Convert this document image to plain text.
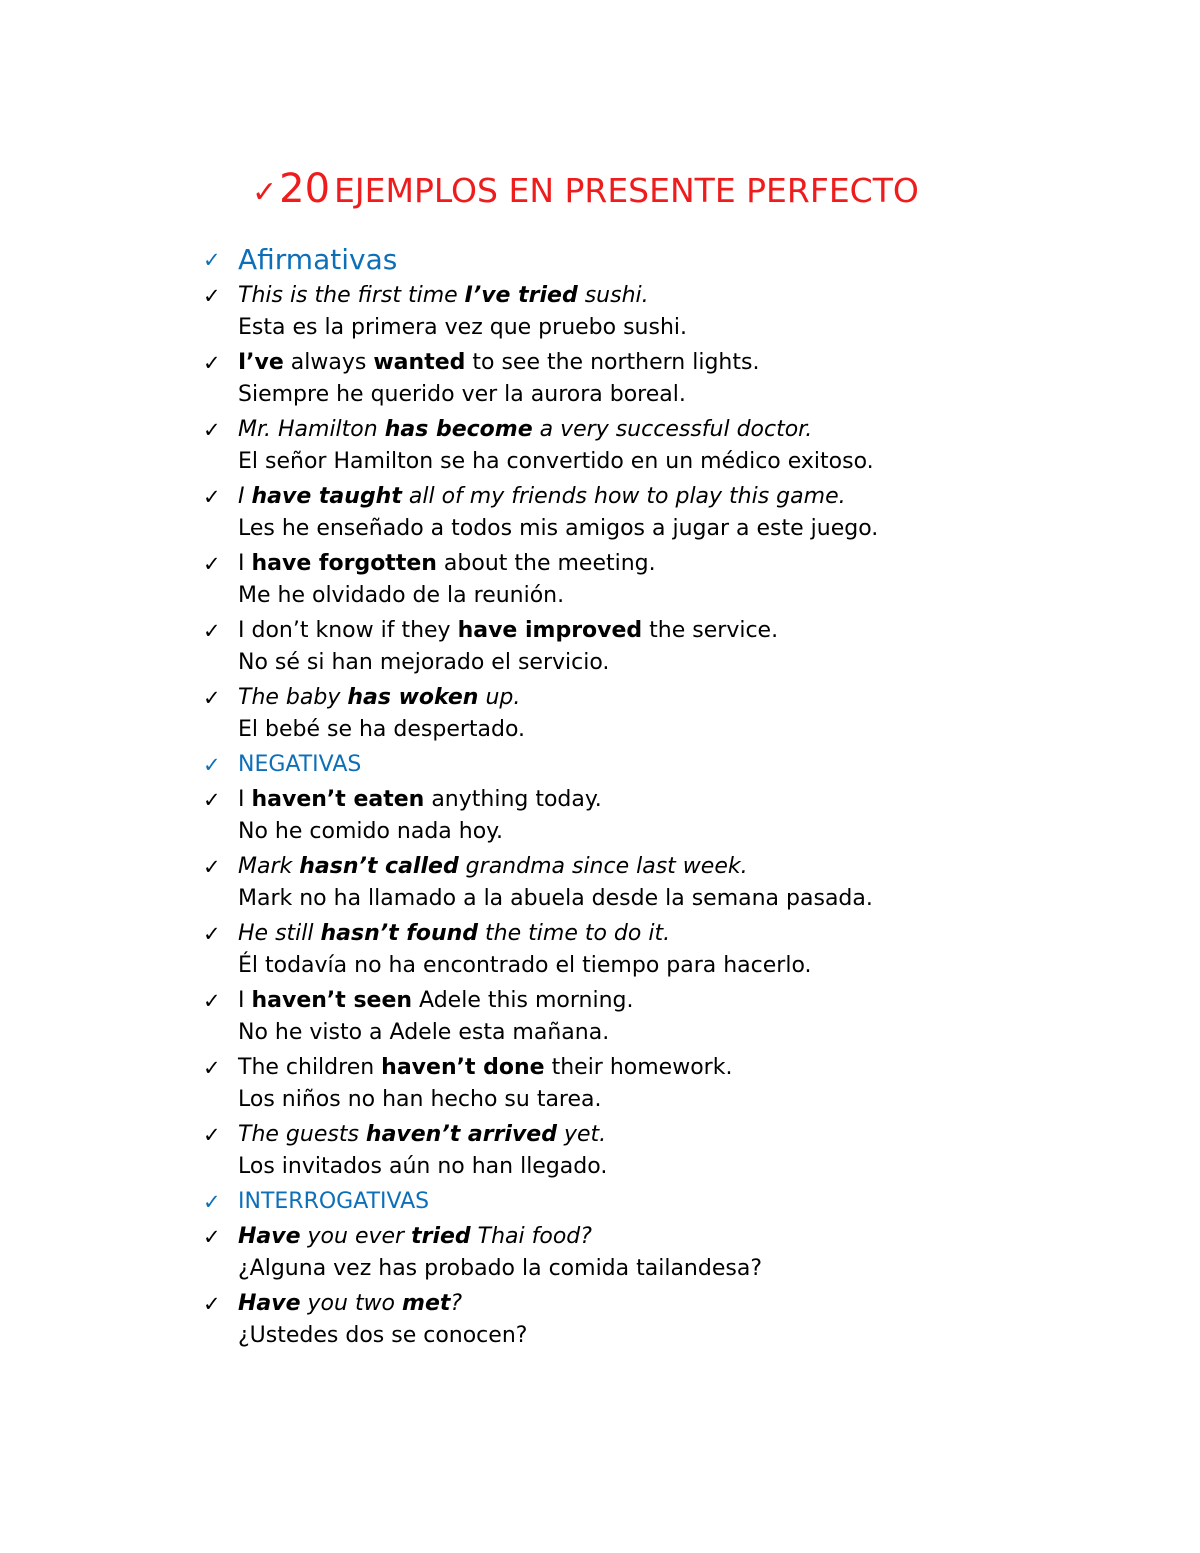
✓20 EJEMPLOS EN PRESENTE PERFECTO
✓ Afirmativas
✓ This is the first time I’ve tried sushi.
Esta es la primera vez que pruebo sushi.
✓ I’ve always wanted to see the northern lights.
Siempre he querido ver la aurora boreal.
✓ Mr. Hamilton has become a very successful doctor.
El señor Hamilton se ha convertido en un médico exitoso.
✓ I have taught all of my friends how to play this game.
Les he enseñado a todos mis amigos a jugar a este juego.
✓ I have forgotten about the meeting.
Me he olvidado de la reunión.
✓ I don’t know if they have improved the service.
No sé si han mejorado el servicio.
✓ The baby has woken up.
El bebé se ha despertado.
✓ NEGATIVAS
✓ I haven’t eaten anything today.
No he comido nada hoy.
✓ Mark hasn’t called grandma since last week.
Mark no ha llamado a la abuela desde la semana pasada.
✓ He still hasn’t found the time to do it.
Él todavía no ha encontrado el tiempo para hacerlo.
✓ I haven’t seen Adele this morning.
No he visto a Adele esta mañana.
✓ The children haven’t done their homework.
Los niños no han hecho su tarea.
✓ The guests haven’t arrived yet.
Los invitados aún no han llegado.
✓ INTERROGATIVAS
✓ Have you ever tried Thai food?
¿Alguna vez has probado la comida tailandesa?
✓ Have you two met?
¿Ustedes dos se conocen?
